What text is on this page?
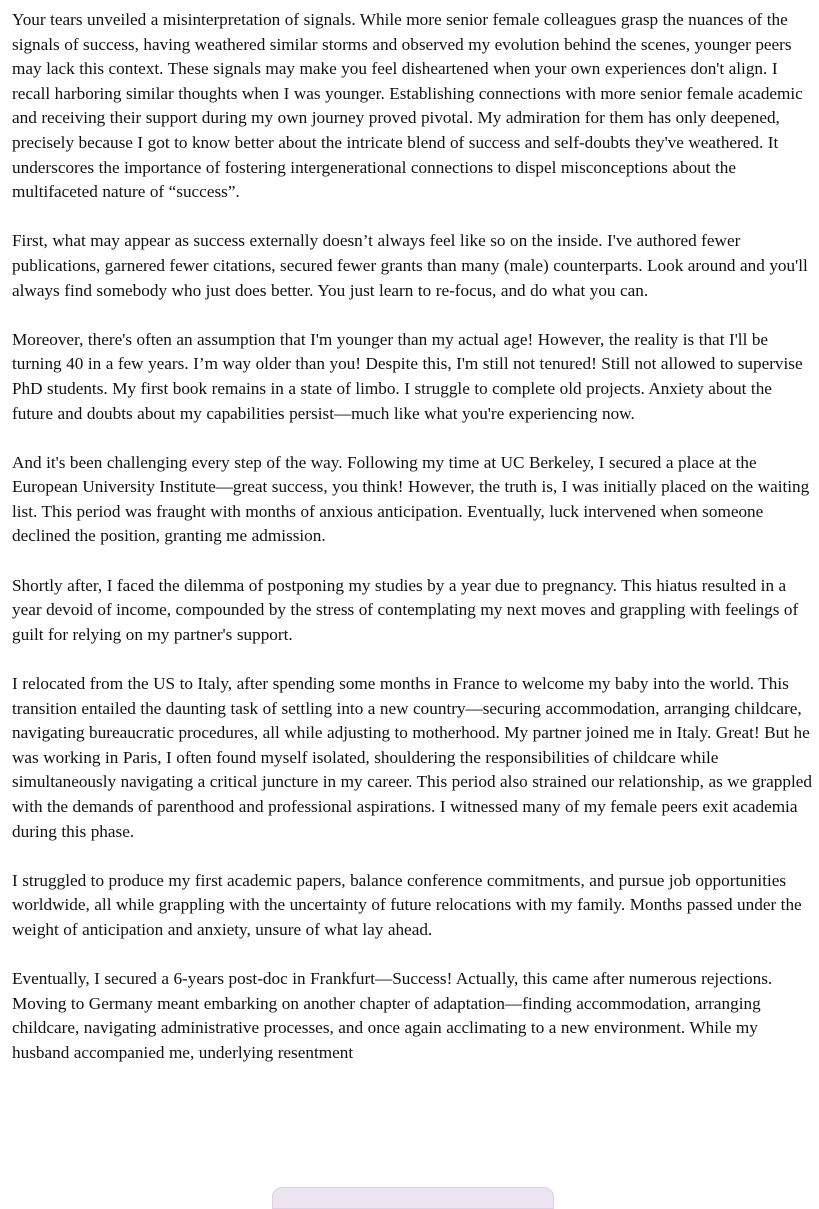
Your tears unveiled a misinterpretation of signals. While more senior female colleagues grasp the nuances of the signals of success, having weathered similar storms and observed my evolution behind the scenes, younger peers may lack this context. These signals may make you feel disheartened when your own experiences don't align. I recall harboring similar thoughts when I was younger. Establishing connections with more senior female academic and receiving their support during my own journey proved pivotal. My admiration for them has only deepened, precisely because I got to know better about the intricate blend of success and self-doubts they've weathered. It underscores the importance of fostering intergenerational connections to dispel misconceptions about the multifaceted nature of “success”.

First, what may appear as success externally doesn’t always feel like so on the inside. I've authored fewer publications, garnered fewer citations, secured fewer grants than many (male) counterparts. Look around and you'll always find somebody who just does better. You just learn to re-focus, and do what you can.

Moreover, there's often an assumption that I'm younger than my actual age! However, the reality is that I'll be turning 40 in a few years. I’m way older than you! Despite this, I'm still not tenured! Still not allowed to supervise PhD students. My first book remains in a state of limbo. I struggle to complete old projects. Anxiety about the future and doubts about my capabilities persist—much like what you're experiencing now.

And it's been challenging every step of the way. Following my time at UC Berkeley, I secured a place at the European University Institute—great success, you think! However, the truth is, I was initially placed on the waiting list. This period was fraught with months of anxious anticipation. Eventually, luck intervened when someone declined the position, granting me admission.

Shortly after, I faced the dilemma of postponing my studies by a year due to pregnancy. This hiatus resulted in a year devoid of income, compounded by the stress of contemplating my next moves and grappling with feelings of guilt for relying on my partner's support.

I relocated from the US to Italy, after spending some months in France to welcome my baby into the world. This transition entailed the daunting task of settling into a new country—securing accommodation, arranging childcare, navigating bureaucratic procedures, all while adjusting to motherhood. My partner joined me in Italy. Great! But he was working in Paris, I often found myself isolated, shouldering the responsibilities of childcare while simultaneously navigating a critical juncture in my career. This period also strained our relationship, as we grappled with the demands of parenthood and professional aspirations. I witnessed many of my female peers exit academia during this phase.

I struggled to produce my first academic papers, balance conference commitments, and pursue job opportunities worldwide, all while grappling with the uncertainty of future relocations with my family. Months passed under the weight of anticipation and anxiety, unsure of what lay ahead.

Eventually, I secured a 6-years post-doc in Frankfurt—Success! Actually, this came after numerous rejections. Moving to Germany meant embarking on another chapter of adaptation—finding accommodation, arranging childcare, navigating administrative processes, and once again acclimating to a new environment. While my husband accompanied me, underlying resentment
